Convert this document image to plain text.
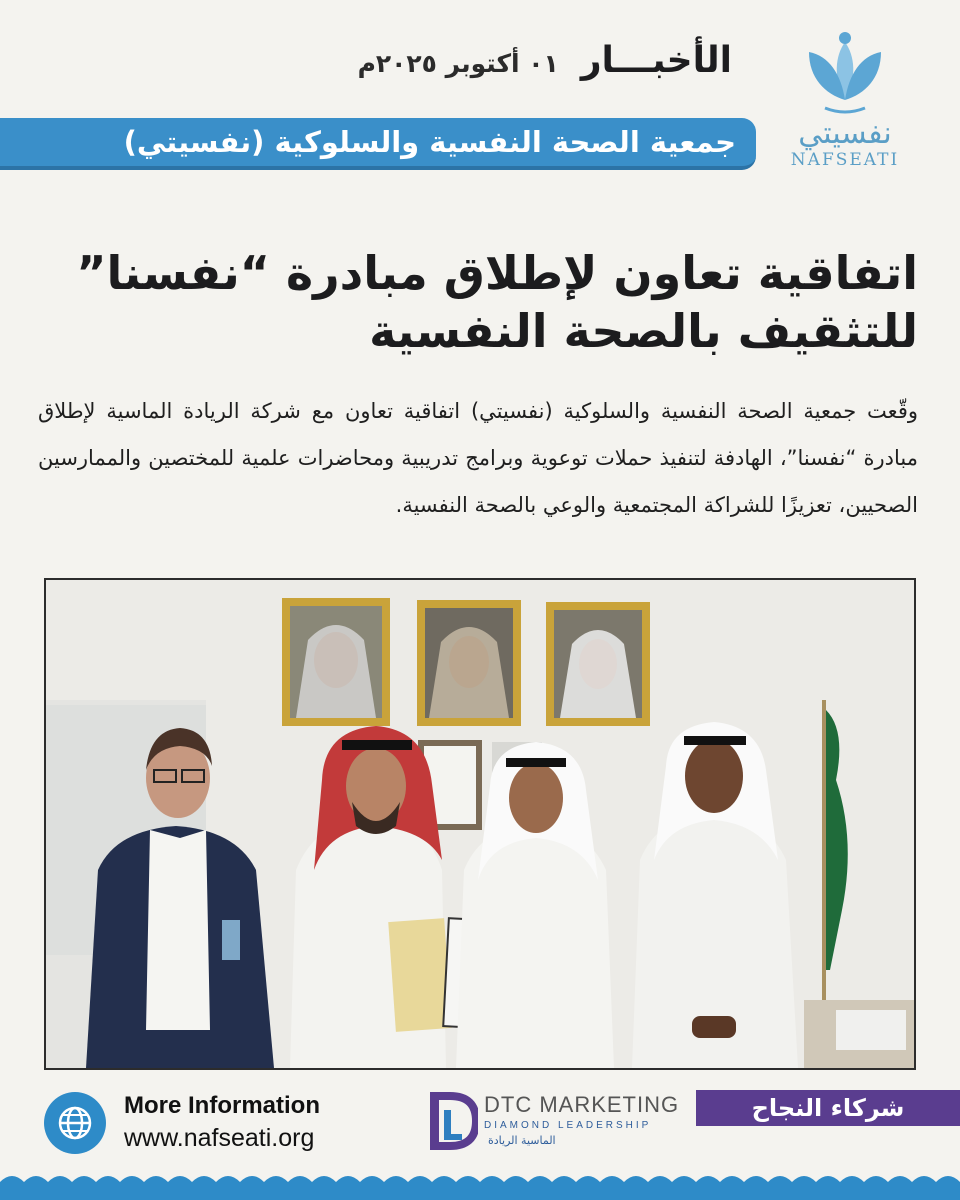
نفسيتي
NAFSEATI
الأخبـــار
٠١ أكتوبر ٢٠٢٥م
جمعية الصحة النفسية والسلوكية (نفسيتي)
اتفاقية تعاون لإطلاق مبادرة “نفسنا” للتثقيف بالصحة النفسية

وقّعت جمعية الصحة النفسية والسلوكية (نفسيتي) اتفاقية تعاون مع شركة الريادة الماسية لإطلاق مبادرة “نفسنا”، الهادفة لتنفيذ حملات توعوية وبرامج تدريبية ومحاضرات علمية للمختصين والممارسين الصحيين، تعزيزًا للشراكة المجتمعية والوعي بالصحة النفسية.

More Information
www.nafseati.org
DTC MARKETING
DIAMOND LEADERSHIP
الماسية الريادة
شركاء النجاح
